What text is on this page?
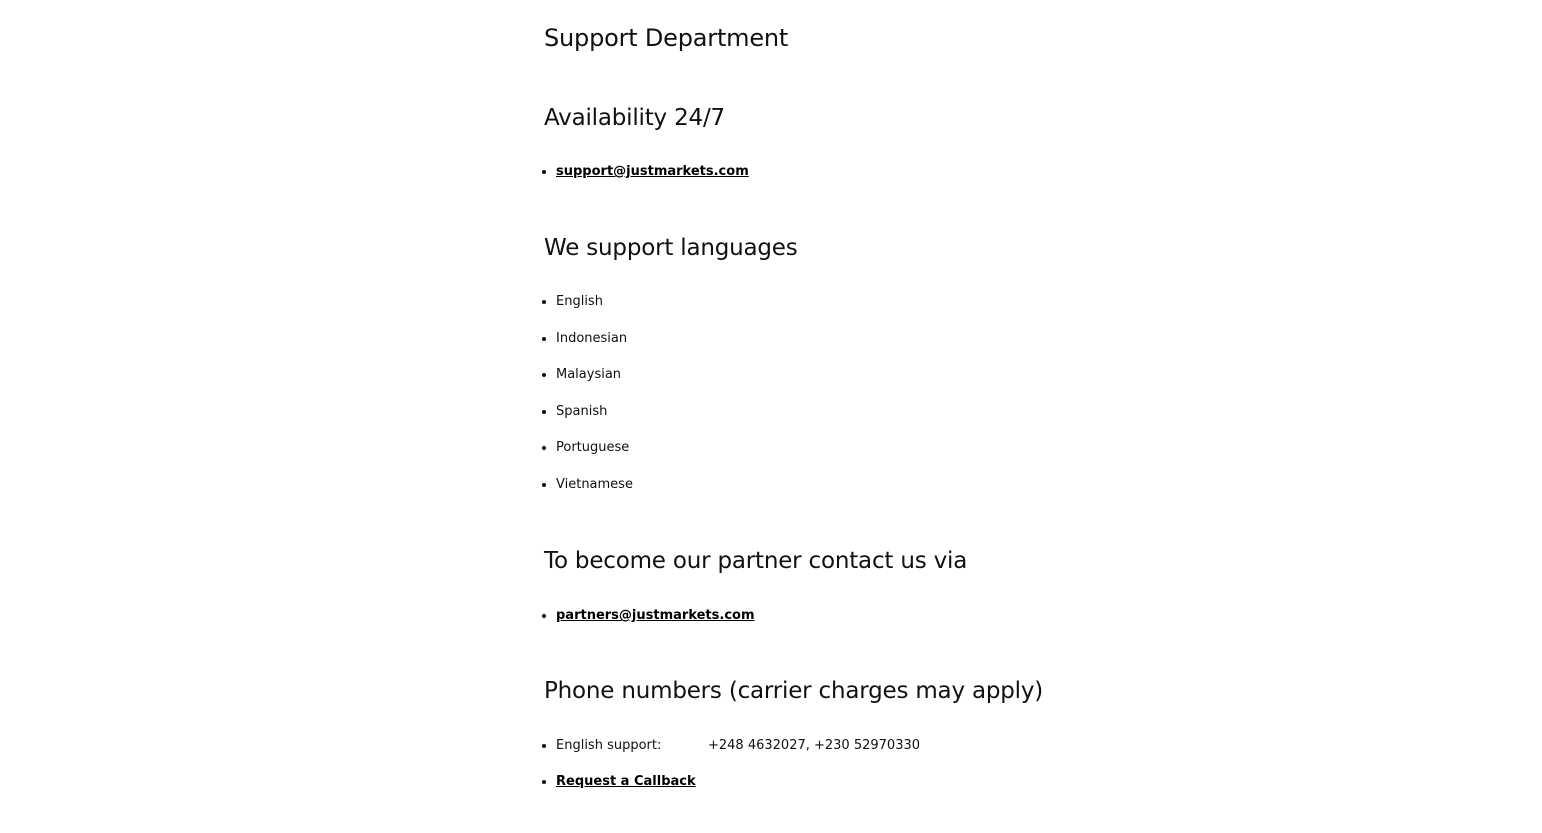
Support Department
Availability 24/7
• support@justmarkets.com
We support languages
• English
• Indonesian
• Malaysian
• Spanish
• Portuguese
• Vietnamese
To become our partner contact us via
• partners@justmarkets.com
Phone numbers (carrier charges may apply)
• English support:	+248 4632027, +230 52970330
• Request a Callback
